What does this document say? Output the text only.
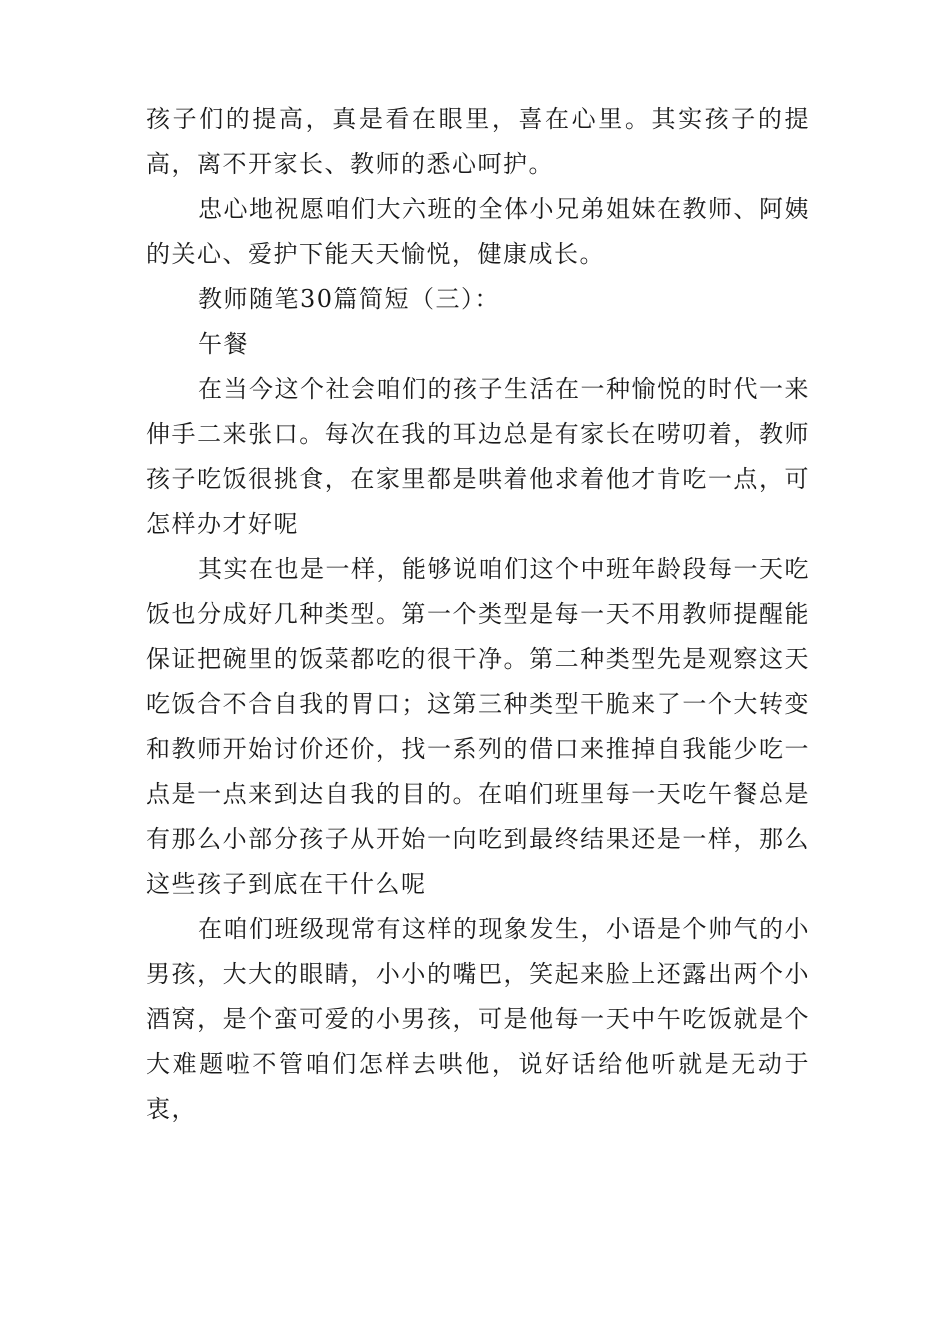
孩子们的提高，真是看在眼里，喜在心里。其实孩子的提高，离不开家长、教师的悉心呵护。

忠心地祝愿咱们大六班的全体小兄弟姐妹在教师、阿姨的关心、爱护下能天天愉悦，健康成长。

教师随笔30篇简短（三）：

午餐

在当今这个社会咱们的孩子生活在一种愉悦的时代一来伸手二来张口。每次在我的耳边总是有家长在唠叨着，教师孩子吃饭很挑食，在家里都是哄着他求着他才肯吃一点，可怎样办才好呢

其实在也是一样，能够说咱们这个中班年龄段每一天吃饭也分成好几种类型。第一个类型是每一天不用教师提醒能保证把碗里的饭菜都吃的很干净。第二种类型先是观察这天吃饭合不合自我的胃口；这第三种类型干脆来了一个大转变和教师开始讨价还价，找一系列的借口来推掉自我能少吃一点是一点来到达自我的目的。在咱们班里每一天吃午餐总是有那么小部分孩子从开始一向吃到最终结果还是一样，那么这些孩子到底在干什么呢

在咱们班级现常有这样的现象发生，小语是个帅气的小男孩，大大的眼睛，小小的嘴巴，笑起来脸上还露出两个小酒窝，是个蛮可爱的小男孩，可是他每一天中午吃饭就是个大难题啦不管咱们怎样去哄他，说好话给他听就是无动于衷，
